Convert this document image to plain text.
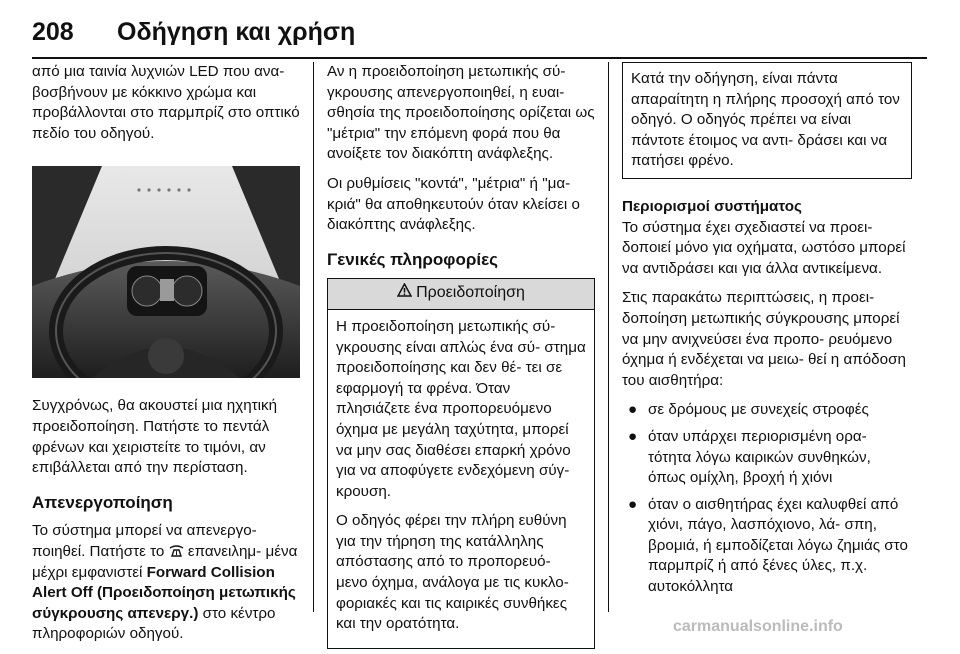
208 Οδήγηση και χρήση

από μια ταινία λυχνιών LED που ανα- βοσβήνουν με κόκκινο χρώμα και προβάλλονται στο παρμπρίζ στο οπτικό πεδίο του οδηγού.

Συγχρόνως, θα ακουστεί μια ηχητική προειδοποίηση. Πατήστε το πεντάλ φρένων και χειριστείτε το τιμόνι, αν επιβάλλεται από την περίσταση.

Απενεργοποίηση

Το σύστημα μπορεί να απενεργο- ποιηθεί. Πατήστε το επανειλημ- μένα μέχρι εμφανιστεί Forward Collision Alert Off (Προειδοποίηση μετωπικής σύγκρουσης απενεργ.) στο κέντρο πληροφοριών οδηγού.

Αν η προειδοποίηση μετωπικής σύ- γκρουσης απενεργοποιηθεί, η ευαι- σθησία της προειδοποίησης ορίζεται ως "μέτρια" την επόμενη φορά που θα ανοίξετε τον διακόπτη ανάφλεξης.

Οι ρυθμίσεις "κοντά", "μέτρια" ή "μα- κριά" θα αποθηκευτούν όταν κλείσει ο διακόπτης ανάφλεξης.

Γενικές πληροφορίες
Προειδοποίηση

Η προειδοποίηση μετωπικής σύ- γκρουσης είναι απλώς ένα σύ- στημα προειδοποίησης και δεν θέ- τει σε εφαρμογή τα φρένα. Όταν πλησιάζετε ένα προπορευόμενο όχημα με μεγάλη ταχύτητα, μπορεί να μην σας διαθέσει επαρκή χρόνο για να αποφύγετε ενδεχόμενη σύγ- κρουση.

Ο οδηγός φέρει την πλήρη ευθύνη για την τήρηση της κατάλληλης απόστασης από το προπορευό- μενο όχημα, ανάλογα με τις κυκλο- φοριακές και τις καιρικές συνθήκες και την ορατότητα.

Κατά την οδήγηση, είναι πάντα απαραίτητη η πλήρης προσοχή από τον οδηγό. Ο οδηγός πρέπει να είναι πάντοτε έτοιμος να αντι- δράσει και να πατήσει φρένο.
Περιορισμοί συστήματος

Το σύστημα έχει σχεδιαστεί να προει- δοποιεί μόνο για οχήματα, ωστόσο μπορεί να αντιδράσει και για άλλα αντικείμενα.

Στις παρακάτω περιπτώσεις, η προει- δοποίηση μετωπικής σύγκρουσης μπορεί να μην ανιχνεύσει ένα προπο- ρευόμενο όχημα ή ενδέχεται να μειω- θεί η απόδοση του αισθητήρα:

● σε δρόμους με συνεχείς στροφές
● όταν υπάρχει περιορισμένη ορα- τότητα λόγω καιρικών συνθηκών, όπως ομίχλη, βροχή ή χιόνι
● όταν ο αισθητήρας έχει καλυφθεί από χιόνι, πάγο, λασπόχιονο, λά- σπη, βρομιά, ή εμποδίζεται λόγω ζημιάς στο παρμπρίζ ή από ξένες ύλες, π.χ. αυτοκόλλητα
carmanualsonline.info
